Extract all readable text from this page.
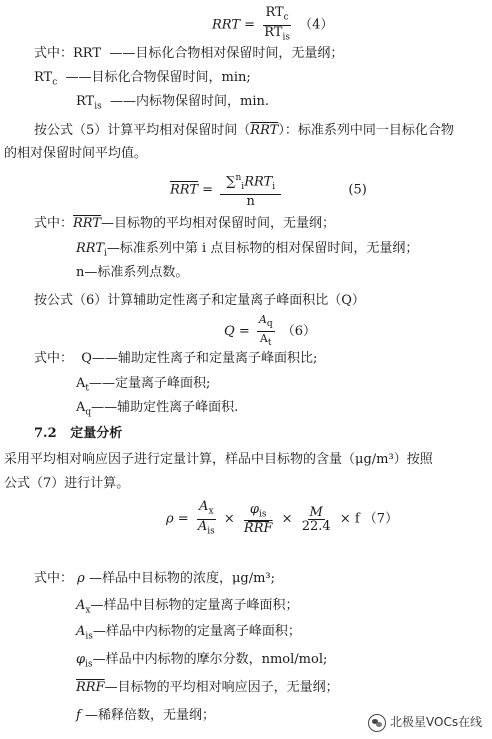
RRT = $\frac{RT_c}{RT_{is}} (4)$
式中：RRT ——目标化合物相对保留时间，无量纲；
$RT_c$ ——目标化合物保留时间，min;
$RT_{is}$ ——内标物保留时间，min.
按公式（5）计算平均相对保留时间$(\overline{RRT})$：标准系列中同一目标化合物
的相对保留时间平均值。
$\overline{RRT} = \frac{\sum^n_iRRT_i}{n}$	(5)
式中：$\overline{RRT}—$目标物的平均相对保留时间，无量纲；
$RRT_i—$标准系列中第 i 点目标物的相对保留时间，无量纲；
n—标准系列点数。
按公式（6）计算辅助定性离子和定量离子峰面积比（Q）
$Q = \frac{A_q}{A_t} (6)$
式中： Q——辅助定性离子和定量离子峰面积比;
$A_t——$定量离子峰面积;
$A_q——$辅助定性离子峰面积.
7.2 定量分析
采用平均相对响应因子进行定量计算，样品中目标物的含量（μg/m³）按照
公式（7）进行计算。
$\rho = \frac{A_x}{A_{is}} \times \frac{\varphi_{is}}{\text{RRF}} \times \frac{M}{22.4} \times f$ （7）
式中： ρ —样品中目标物的浓度，μg/m³;
$A_x—$样品中目标物的定量离子峰面积；
$A_{is}—$样品中内标物的定量离子峰面积；
$\varphi_{is}—$样品中内标物的摩尔分数，nmol/mol;
$\overline{RRF}—$目标物的平均相对响应因子，无量纲；
f —稀释倍数，无量纲；	北极星VOCs在线
